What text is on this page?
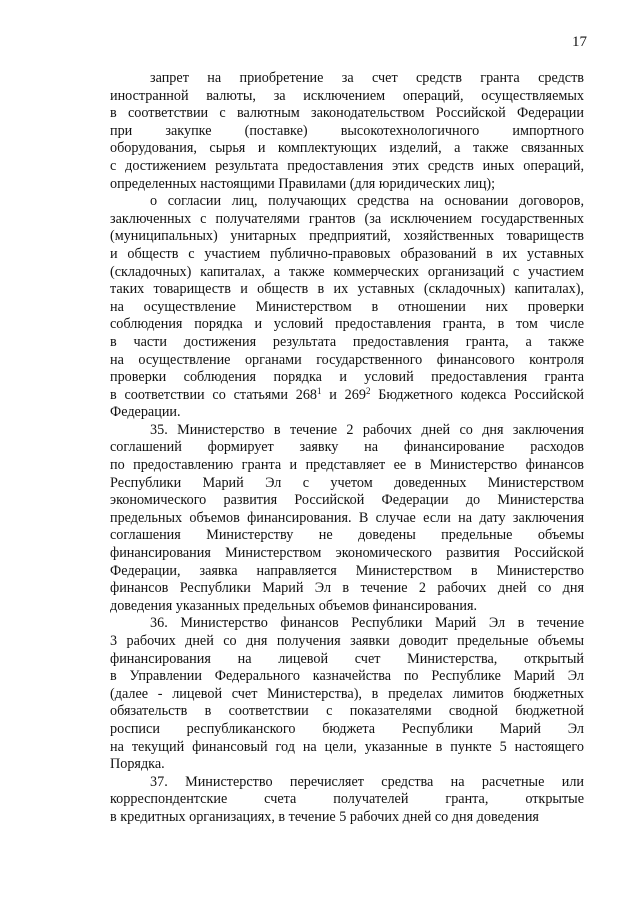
17
запрет на приобретение за счет средств гранта средств
иностранной валюты, за исключением операций, осуществляемых
в соответствии с валютным законодательством Российской Федерации
при закупке (поставке) высокотехнологичного импортного
оборудования, сырья и комплектующих изделий, а также связанных
с достижением результата предоставления этих средств иных операций,
определенных настоящими Правилами (для юридических лиц);
о согласии лиц, получающих средства на основании договоров,
заключенных с получателями грантов (за исключением государственных
(муниципальных) унитарных предприятий, хозяйственных товариществ
и обществ с участием публично-правовых образований в их уставных
(складочных) капиталах, а также коммерческих организаций с участием
таких товариществ и обществ в их уставных (складочных) капиталах),
на осуществление Министерством в отношении них проверки
соблюдения порядка и условий предоставления гранта, в том числе
в части достижения результата предоставления гранта, а также
на осуществление органами государственного финансового контроля
проверки соблюдения порядка и условий предоставления гранта
в соответствии со статьями $268^1$ и $269^2$ Бюджетного кодекса Российской
Федерации.
35. Министерство в течение 2 рабочих дней со дня заключения
соглашений формирует заявку на финансирование расходов
по предоставлению гранта и представляет ее в Министерство финансов
Республики Марий Эл с учетом доведенных Министерством
экономического развития Российской Федерации до Министерства
предельных объемов финансирования. В случае если на дату заключения
соглашения Министерству не доведены предельные объемы
финансирования Министерством экономического развития Российской
Федерации, заявка направляется Министерством в Министерство
финансов Республики Марий Эл в течение 2 рабочих дней со дня
доведения указанных предельных объемов финансирования.
36. Министерство финансов Республики Марий Эл в течение
3 рабочих дней со дня получения заявки доводит предельные объемы
финансирования на лицевой счет Министерства, открытый
в Управлении Федерального казначейства по Республике Марий Эл
(далее - лицевой счет Министерства), в пределах лимитов бюджетных
обязательств в соответствии с показателями сводной бюджетной
росписи республиканского бюджета Республики Марий Эл
на текущий финансовый год на цели, указанные в пункте 5 настоящего
Порядка.
37. Министерство перечисляет средства на расчетные или
корреспондентские счета получателей гранта, открытые
в кредитных организациях, в течение 5 рабочих дней со дня доведения
